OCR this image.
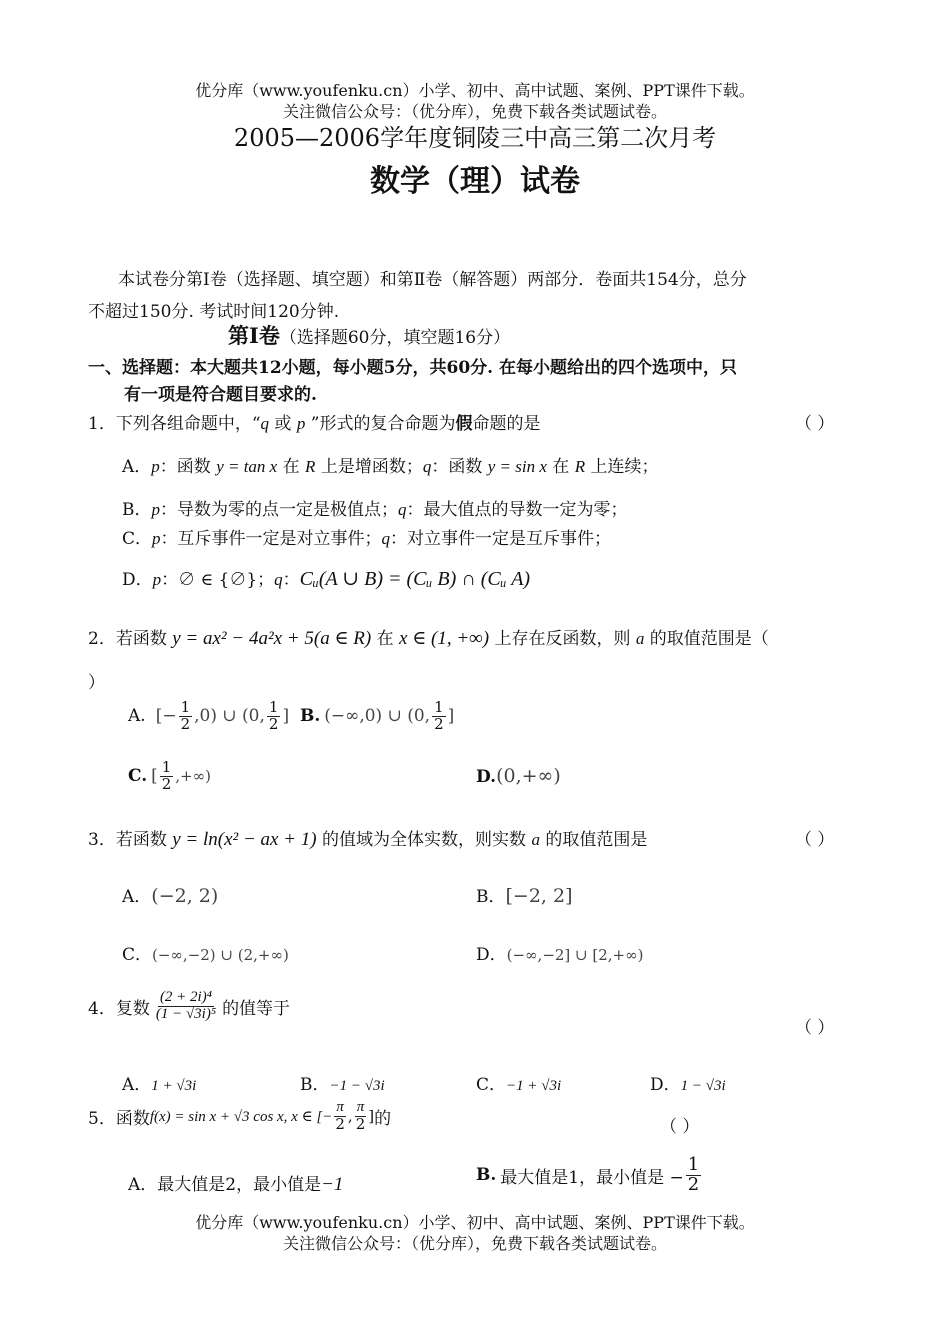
优分库（www.youfenku.cn）小学、初中、高中试题、案例、PPT课件下载。
关注微信公众号：（优分库），免费下载各类试题试卷。
2005—2006学年度铜陵三中高三第二次月考
数学（理）试卷
本试卷分第Ⅰ卷（选择题、填空题）和第Ⅱ卷（解答题）两部分．卷面共154分，总分
不超过150分. 考试时间120分钟.
第Ⅰ卷（选择题60分，填空题16分）
一、选择题：本大题共12小题，每小题5分，共60分. 在每小题给出的四个选项中，只
有一项是符合题目要求的.
1．下列各组命题中，“q 或 p ”形式的复合命题为假命题的是	（ ）
A．p：函数 y = tan x 在 R 上是增函数；q：函数 y = sin x 在 R 上连续；
B．p：导数为零的点一定是极值点；q：最大值点的导数一定为零；
C．p：互斥事件一定是对立事件；q：对立事件一定是互斥事件；
D．p：∅ ∈ {∅}；q：Cᵤ(A ∪ B) = (Cᵤ B) ∩ (Cᵤ A)
2．若函数 y = ax² − 4a²x + 5(a ∈ R) 在 x ∈ (1, +∞) 上存在反函数，则 a 的取值范围是（
）
A. [− $\frac{1}{2} ,0$) ∪ (0, $\frac{1}{2}$ ] B. (−∞,0) ∪ (0, $\frac{1}{2}$ ]
C. [ $\frac{1}{2}$ ,+∞)	D.(0,+∞)
3．若函数 y = ln(x² − ax + 1) 的值域为全体实数，则实数 a 的取值范围是	（ ）
A．(−2, 2)	B．[−2, 2]
C．(−∞,−2) ∪ (2,+∞)	D．(−∞,−2] ∪ [2,+∞)
4． 复数 $\frac{\text{(2 + 2i)⁴}}{\text{(1 − √3i)⁵}}$ 的值等于
（ ）
A．1 + √3i	B．−1 − √3i	C．−1 + √3i	D．1 − √3i
5． 函数 f(x) = sin x + √3 cos x, x ∈ [− $\frac{\pi}{2}$ , $\frac{\pi}{2}$ ] 的	（ ）
A．最大值是2，最小值是−1	B. 最大值是1，最小值是 − $\frac{1}{2}$
优分库（www.youfenku.cn）小学、初中、高中试题、案例、PPT课件下载。
关注微信公众号：（优分库），免费下载各类试题试卷。
